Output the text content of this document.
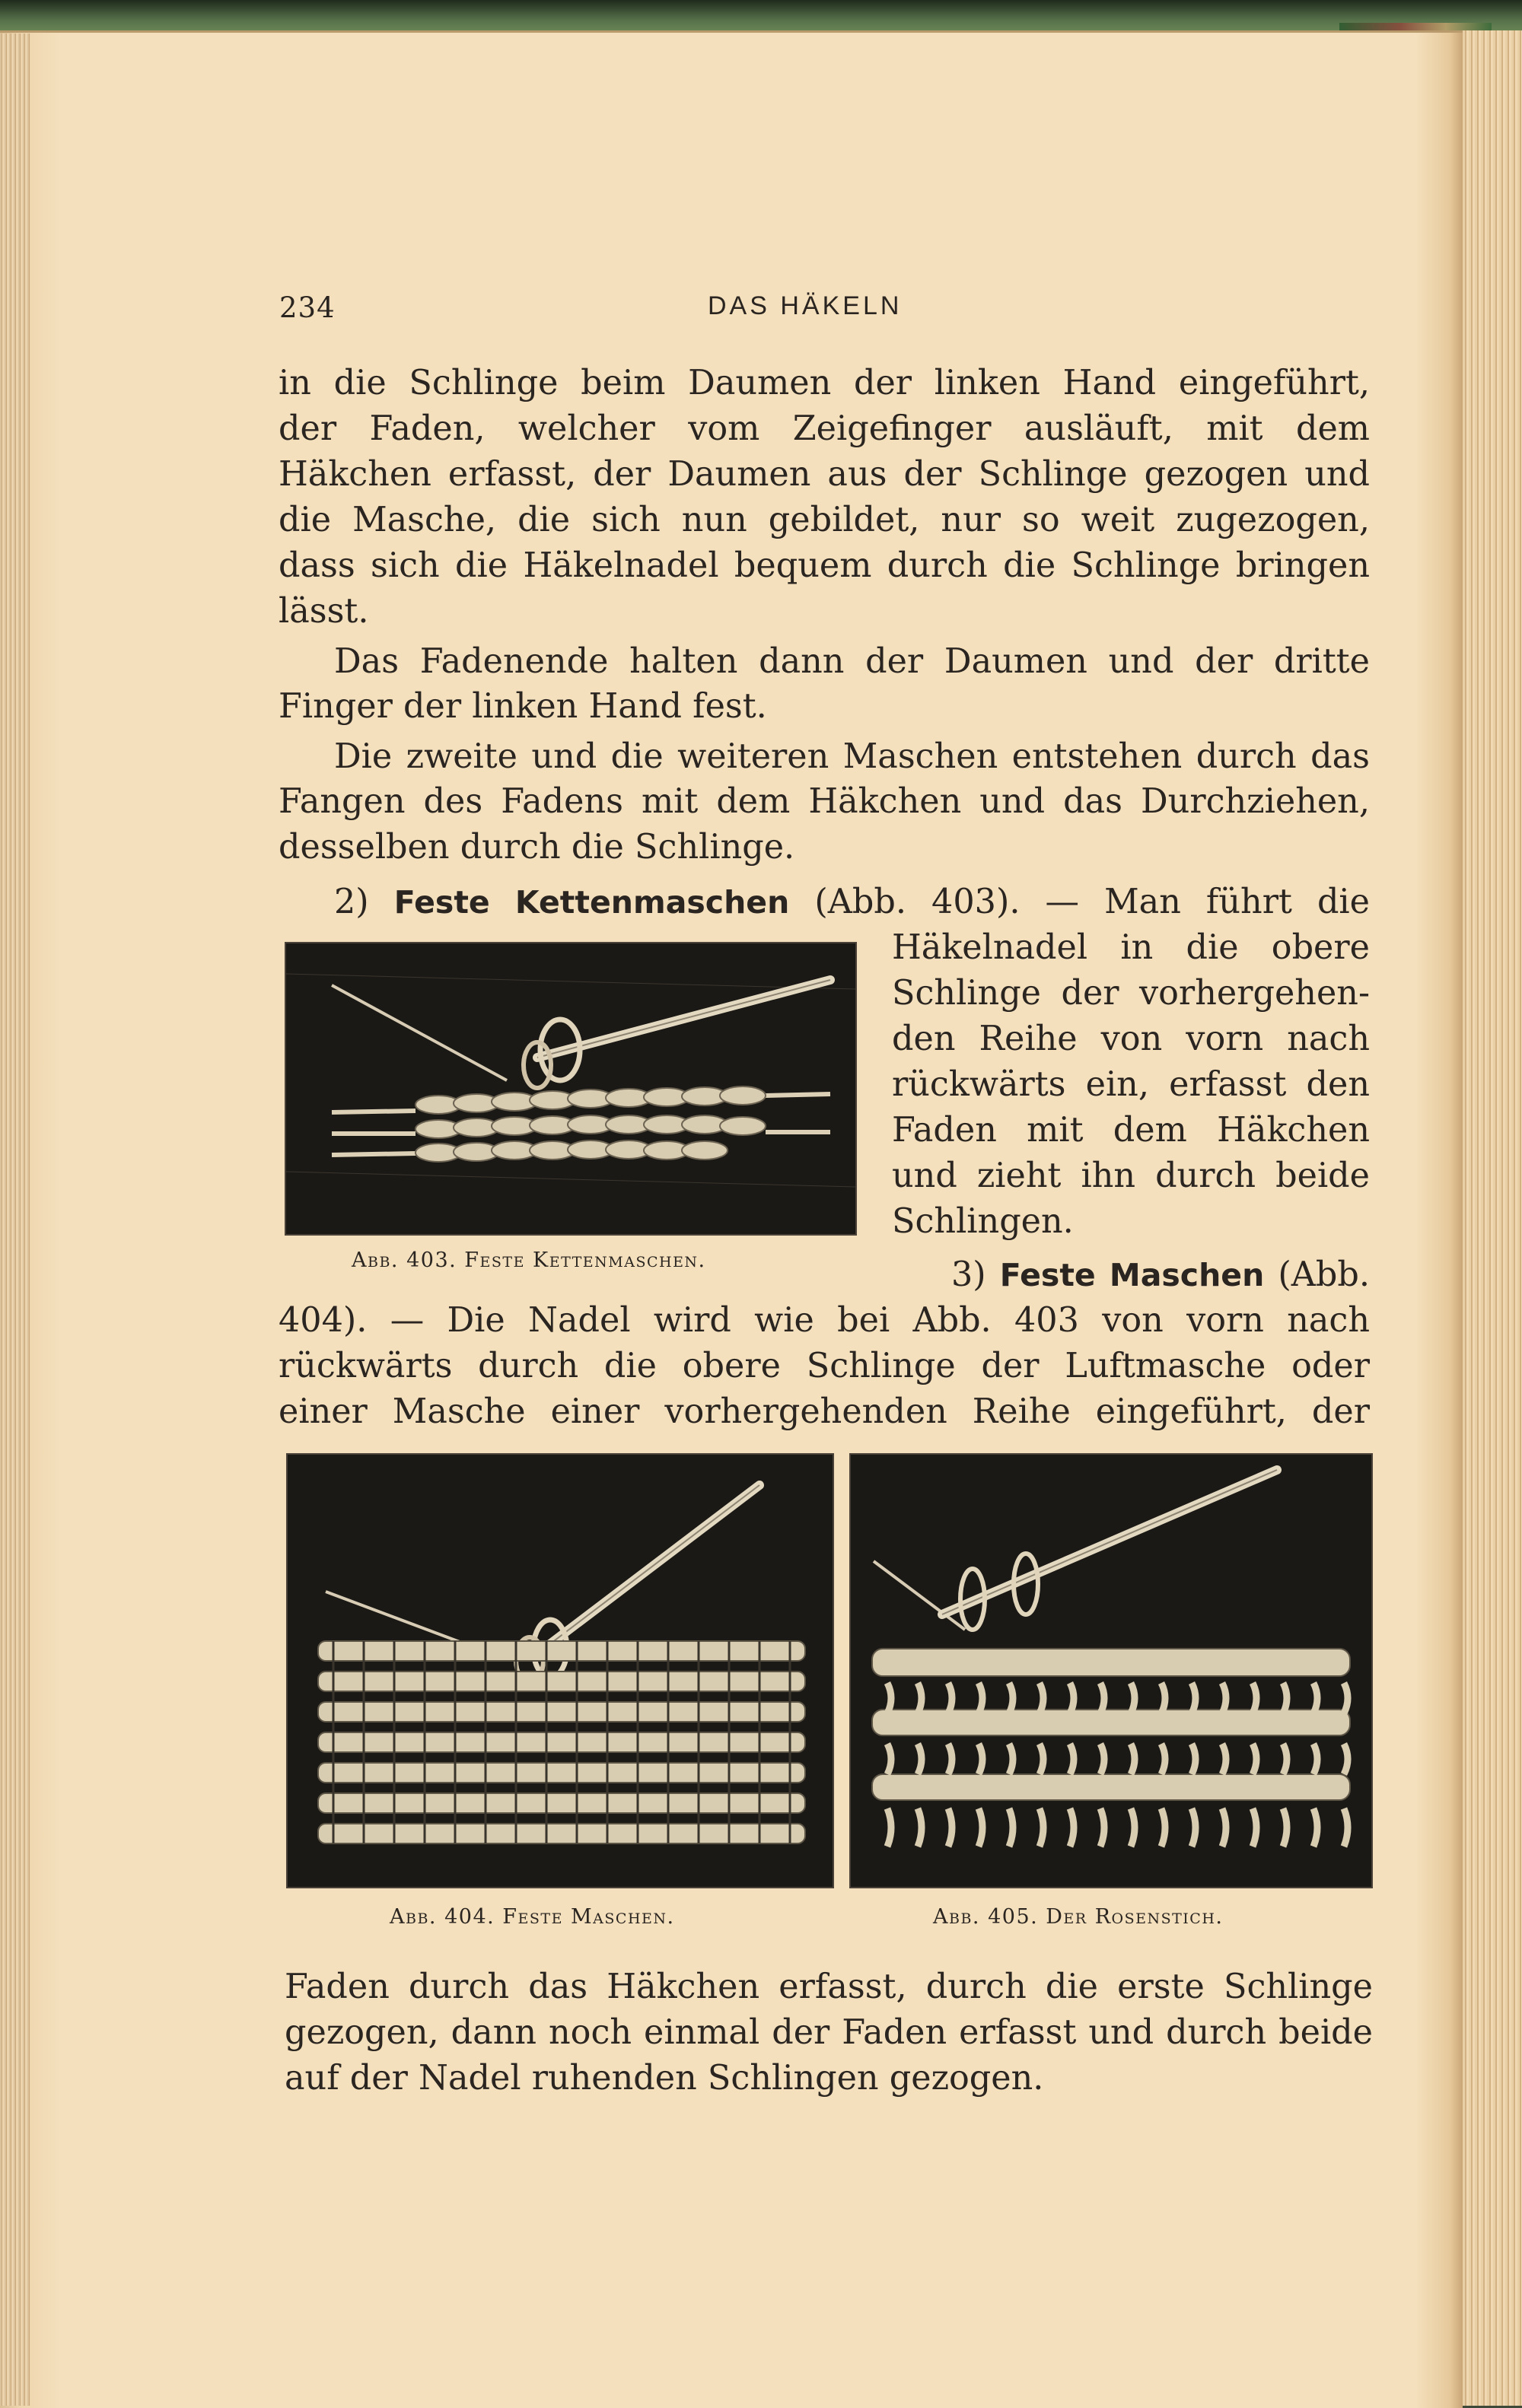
234	DAS HÄKELN
in die Schlinge beim Daumen der linken Hand eingeführt,
der Faden, welcher vom Zeigefinger ausläuft, mit dem
Häkchen erfasst, der Daumen aus der Schlinge gezogen und
die Masche, die sich nun gebildet, nur so weit zugezogen,
dass sich die Häkelnadel bequem durch die Schlinge bringen
lässt.
Das Fadenende halten dann der Daumen und der dritte
Finger der linken Hand fest.
Die zweite und die weiteren Maschen entstehen durch das
Fangen des Fadens mit dem Häkchen und das Durchziehen,
desselben durch die Schlinge.
2) Feste Kettenmaschen (Abb. 403). — Man führt die
Abb. 403. Feste Kettenmaschen.
Häkelnadel in die obere
Schlinge der vorhergehen-
den Reihe von vorn nach
rückwärts ein, erfasst den
Faden mit dem Häkchen
und zieht ihn durch beide
Schlingen.
3) Feste Maschen (Abb.
404). — Die Nadel wird wie bei Abb. 403 von vorn nach
rückwärts durch die obere Schlinge der Luftmasche oder
einer Masche einer vorhergehenden Reihe eingeführt, der
Abb. 404. Feste Maschen.	Abb. 405. Der Rosenstich.
Faden durch das Häkchen erfasst, durch die erste Schlinge
gezogen, dann noch einmal der Faden erfasst und durch beide
auf der Nadel ruhenden Schlingen gezogen.
